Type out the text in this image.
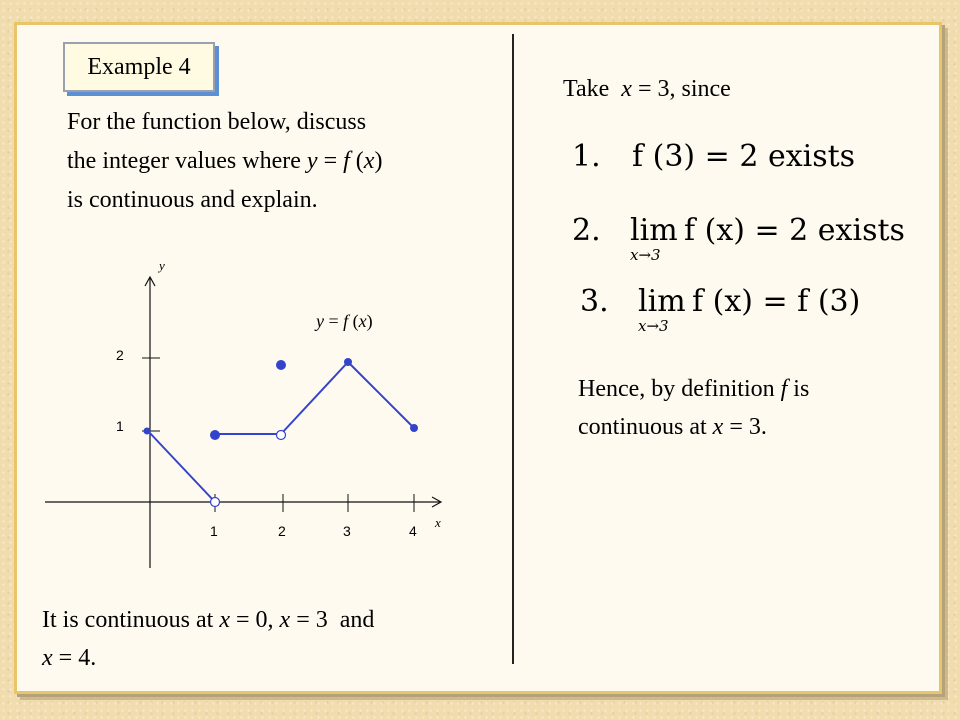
Example 4
For the function below, discuss
the integer values where y = f (x)
is continuous and explain.
x
y
1	2	3	4
1
2
y = f (x)
1. f (3) = 2 exists
2. lim
x→3
f (x) = 2 exists
3. lim
x→3
f (x) = f (3)
Take  x = 3, since
Hence, by definition f is
continuous at x = 3.
It is continuous at x = 0, x = 3  and
x = 4.
